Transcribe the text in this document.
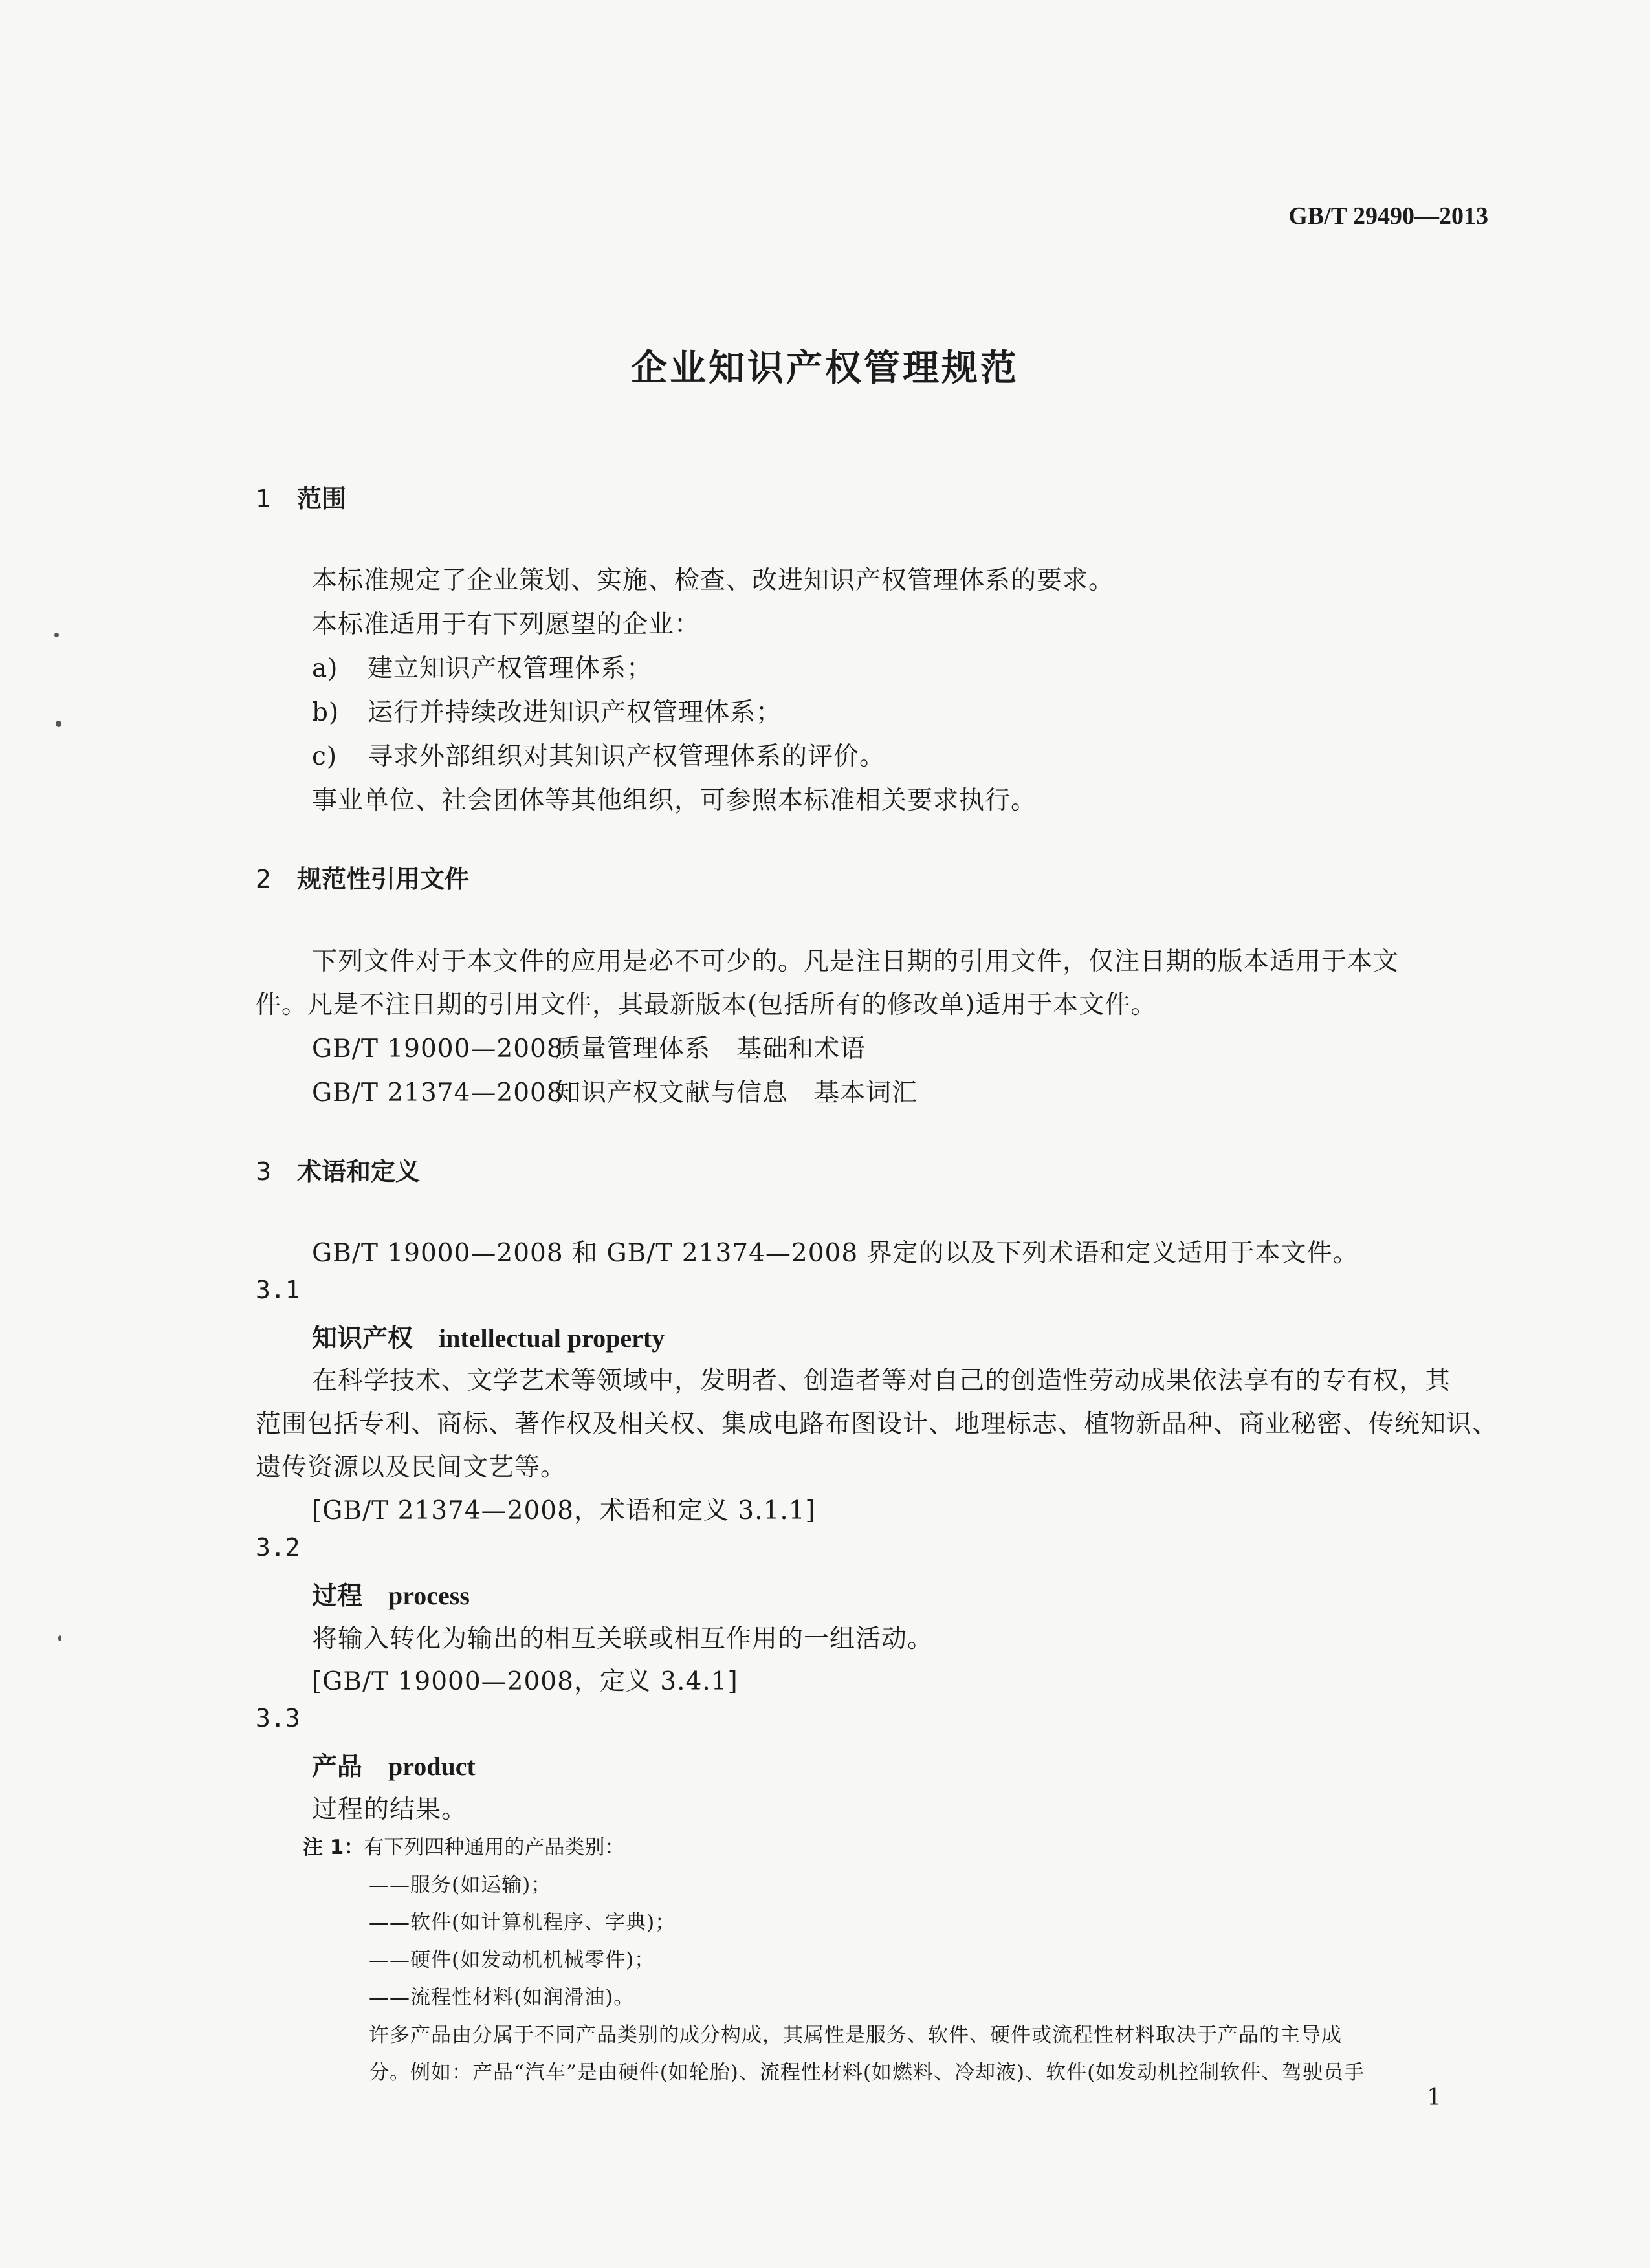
GB/T 29490—2013
企业知识产权管理规范
1 范围
本标准规定了企业策划、实施、检查、改进知识产权管理体系的要求。
本标准适用于有下列愿望的企业：
a) 建立知识产权管理体系；
b) 运行并持续改进知识产权管理体系；
c) 寻求外部组织对其知识产权管理体系的评价。
事业单位、社会团体等其他组织，可参照本标准相关要求执行。
2 规范性引用文件
下列文件对于本文件的应用是必不可少的。凡是注日期的引用文件，仅注日期的版本适用于本文
件。凡是不注日期的引用文件，其最新版本(包括所有的修改单)适用于本文件。
GB/T 19000—2008质量管理体系　基础和术语
GB/T 21374—2008知识产权文献与信息　基本词汇
3 术语和定义
GB/T 19000—2008 和 GB/T 21374—2008 界定的以及下列术语和定义适用于本文件。
3.1
知识产权 intellectual property
在科学技术、文学艺术等领域中，发明者、创造者等对自己的创造性劳动成果依法享有的专有权，其
范围包括专利、商标、著作权及相关权、集成电路布图设计、地理标志、植物新品种、商业秘密、传统知识、
遗传资源以及民间文艺等。
[GB/T 21374—2008，术语和定义 3.1.1]
3.2
过程 process
将输入转化为输出的相互关联或相互作用的一组活动。
[GB/T 19000—2008，定义 3.4.1]
3.3
产品 product
过程的结果。
注 1：有下列四种通用的产品类别：
——服务(如运输)；
——软件(如计算机程序、字典)；
——硬件(如发动机机械零件)；
——流程性材料(如润滑油)。
许多产品由分属于不同产品类别的成分构成，其属性是服务、软件、硬件或流程性材料取决于产品的主导成
分。例如：产品“汽车”是由硬件(如轮胎)、流程性材料(如燃料、冷却液)、软件(如发动机控制软件、驾驶员手
1
